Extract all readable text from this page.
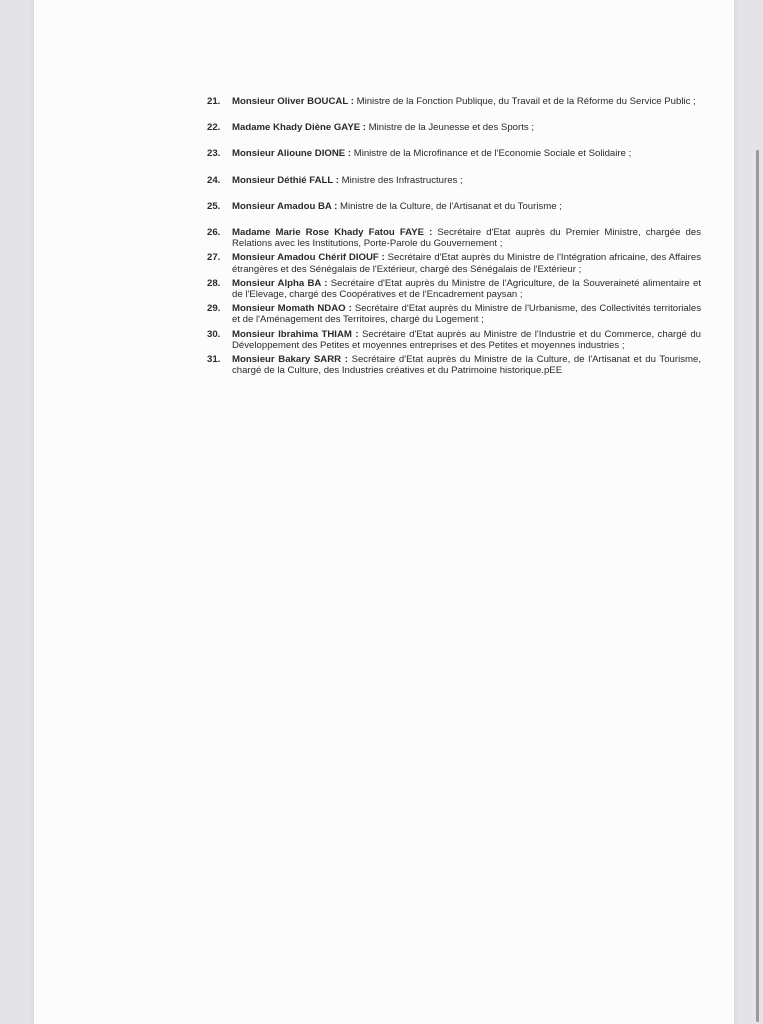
21. Monsieur Oliver BOUCAL : Ministre de la Fonction Publique, du Travail et de la Réforme du Service Public ;
22. Madame Khady Diène GAYE : Ministre de la Jeunesse et des Sports ;
23. Monsieur Alioune DIONE : Ministre de la Microfinance et de l'Economie Sociale et Solidaire ;
24. Monsieur Déthié FALL : Ministre des Infrastructures ;
25. Monsieur Amadou BA : Ministre de la Culture, de l'Artisanat et du Tourisme ;
26. Madame Marie Rose Khady Fatou FAYE : Secrétaire d'Etat auprès du Premier Ministre, chargée des Relations avec les Institutions, Porte-Parole du Gouvernement ;
27. Monsieur Amadou Chérif DIOUF : Secrétaire d'Etat auprès du Ministre de l'Intégration africaine, des Affaires étrangères et des Sénégalais de l'Extérieur, chargé des Sénégalais de l'Extérieur ;
28. Monsieur Alpha BA : Secrétaire d'Etat auprès du Ministre de l'Agriculture, de la Souveraineté alimentaire et de l'Elevage, chargé des Coopératives et de l'Encadrement paysan ;
29. Monsieur Momath NDAO : Secrétaire d'Etat auprès du Ministre de l'Urbanisme, des Collectivités territoriales et de l'Aménagement des Territoires, chargé du Logement ;
30. Monsieur Ibrahima THIAM : Secrétaire d'Etat auprès au Ministre de l'Industrie et du Commerce, chargé du Développement des Petites et moyennes entreprises et des Petites et moyennes industries ;
31. Monsieur Bakary SARR : Secrétaire d'Etat auprès du Ministre de la Culture, de l'Artisanat et du Tourisme, chargé de la Culture, des Industries créatives et du Patrimoine historique.pEE
